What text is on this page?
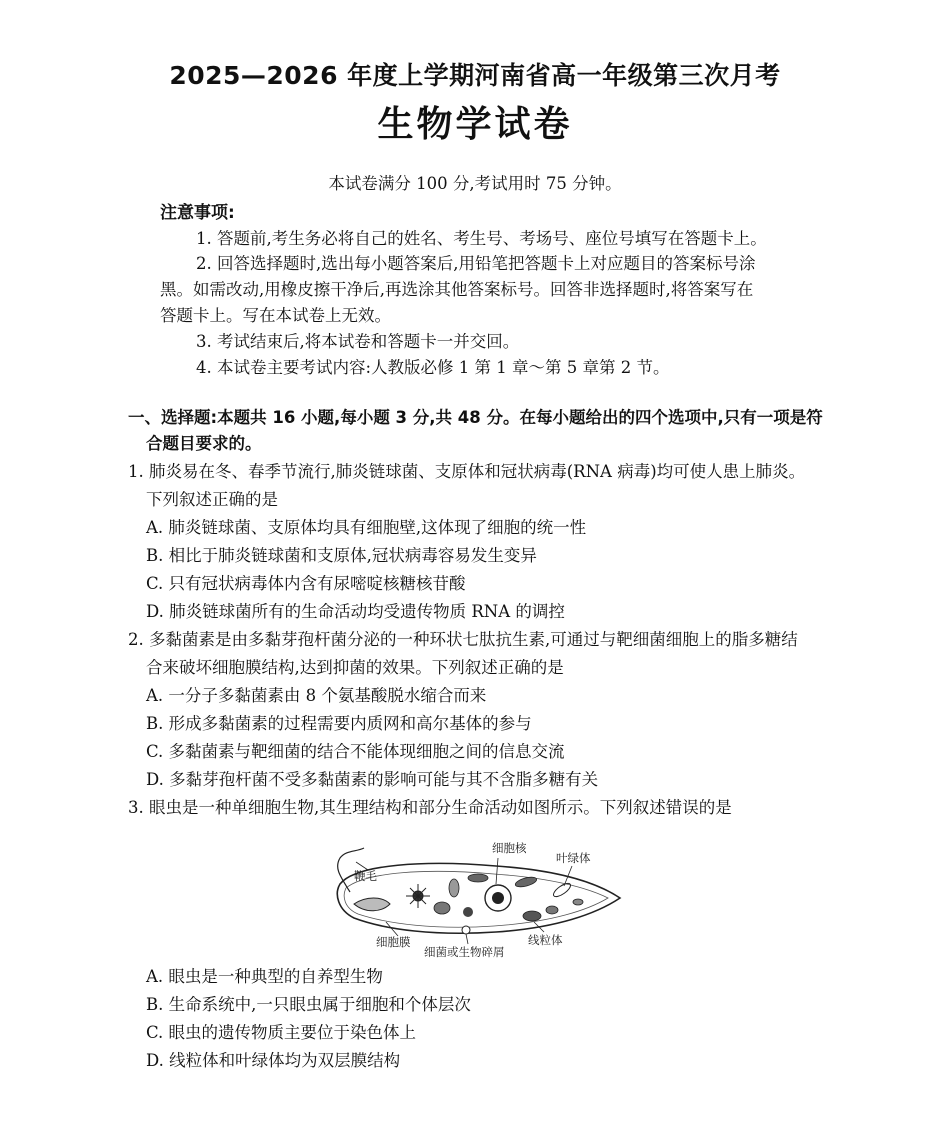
2025—2026 年度上学期河南省高一年级第三次月考
生物学试卷
本试卷满分 100 分,考试用时 75 分钟。
注意事项:
1. 答题前,考生务必将自己的姓名、考生号、考场号、座位号填写在答题卡上。
2. 回答选择题时,选出每小题答案后,用铅笔把答题卡上对应题目的答案标号涂
黑。如需改动,用橡皮擦干净后,再选涂其他答案标号。回答非选择题时,将答案写在
答题卡上。写在本试卷上无效。
3. 考试结束后,将本试卷和答题卡一并交回。
4. 本试卷主要考试内容:人教版必修 1 第 1 章～第 5 章第 2 节。
一、选择题:本题共 16 小题,每小题 3 分,共 48 分。在每小题给出的四个选项中,只有一项是符
合题目要求的。
1. 肺炎易在冬、春季节流行,肺炎链球菌、支原体和冠状病毒(RNA 病毒)均可使人患上肺炎。
下列叙述正确的是
A. 肺炎链球菌、支原体均具有细胞壁,这体现了细胞的统一性
B. 相比于肺炎链球菌和支原体,冠状病毒容易发生变异
C. 只有冠状病毒体内含有尿嘧啶核糖核苷酸
D. 肺炎链球菌所有的生命活动均受遗传物质 RNA 的调控
2. 多黏菌素是由多黏芽孢杆菌分泌的一种环状七肽抗生素,可通过与靶细菌细胞上的脂多糖结
合来破坏细胞膜结构,达到抑菌的效果。下列叙述正确的是
A. 一分子多黏菌素由 8 个氨基酸脱水缩合而来
B. 形成多黏菌素的过程需要内质网和高尔基体的参与
C. 多黏菌素与靶细菌的结合不能体现细胞之间的信息交流
D. 多黏芽孢杆菌不受多黏菌素的影响可能与其不含脂多糖有关
3. 眼虫是一种单细胞生物,其生理结构和部分生命活动如图所示。下列叙述错误的是
细胞核
叶绿体
鞭毛
细胞膜
细菌或生物碎屑
线粒体
A. 眼虫是一种典型的自养型生物
B. 生命系统中,一只眼虫属于细胞和个体层次
C. 眼虫的遗传物质主要位于染色体上
D. 线粒体和叶绿体均为双层膜结构
